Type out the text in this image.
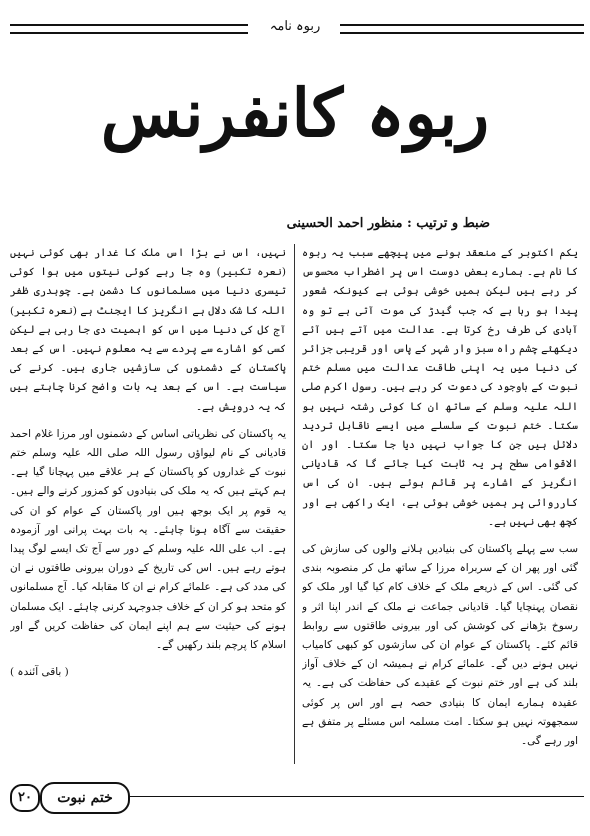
ربوہ نامہ
ربوہ کانفرنس
ضبط و ترتیب : منظور احمد الحسینی

یکم اکتوبر کے منعقد ہونے میں پیچھے سبب یہ ربوہ کا نام ہے۔ ہمارے بعض دوست اس پر اضطراب محسوس کر رہے ہیں لیکن ہمیں خوشی ہوئی ہے کیونکہ شعور پیدا ہو رہا ہے کہ جب گیدڑ کی موت آتی ہے تو وہ آبادی کی طرف رخ کرتا ہے۔ عدالت میں آتے ہیں آئے دیکھئے چشم راہ سبز وار شہر کے پاس اور قریبی جزائر کی دنیا میں یہ اپنی طاقت عدالت میں مسلم ختم نبوت کے باوجود کی دعوت کر رہے ہیں۔ رسول اکرم صلی اللہ علیہ وسلم کے ساتھ ان کا کوئی رشتہ نہیں ہو سکتا۔ ختم نبوت کے سلسلے میں ایسے ناقابل تردید دلائل ہیں جن کا جواب نہیں دیا جا سکتا۔ اور ان الاقوامی سطح پر یہ ثابت کیا جائے گا کہ قادیانی انگریز کے اشارے پر قائم ہوئے ہیں۔ ان کی اس کارروائی پر ہمیں خوشی ہوئی ہے، ایک راکھی ہے اور کچھ بھی نہیں ہے۔

سب سے پہلے پاکستان کی بنیادیں ہلانے والوں کی سازش کی گئی اور پھر ان کے سربراہ مرزا کے ساتھ مل کر منصوبہ بندی کی گئی۔ اس کے ذریعے ملک کے خلاف کام کیا گیا اور ملک کو نقصان پہنچایا گیا۔ قادیانی جماعت نے ملک کے اندر اپنا اثر و رسوخ بڑھانے کی کوشش کی اور بیرونی طاقتوں سے روابط قائم کئے۔ پاکستان کے عوام ان کی سازشوں کو کبھی کامیاب نہیں ہونے دیں گے۔ علمائے کرام نے ہمیشہ ان کے خلاف آواز بلند کی ہے اور ختم نبوت کے عقیدے کی حفاظت کی ہے۔ یہ عقیدہ ہمارے ایمان کا بنیادی حصہ ہے اور اس پر کوئی سمجھوتہ نہیں ہو سکتا۔ امت مسلمہ اس مسئلے پر متفق ہے اور رہے گی۔

نہیں، اس نے بڑا اس ملک کا غدار بھی کوئی نہیں (نعرہ تکبیر) وہ جا رہے کوئی نیتوں میں ہوا کوئی تیسری دنیا میں مسلمانوں کا دشمن ہے۔ چوہدری ظفر اللہ کا شک دلال ہے انگریز کا ایجنٹ ہے (نعرہ تکبیر) آج کل کی دنیا میں اس کو اہمیت دی جا رہی ہے لیکن کسی کو اشارے سے پردے سے یہ معلوم نہیں۔ اس کے بعد پاکستان کے دشمنوں کی سازشیں جاری ہیں۔ کرنے کی سیاست ہے۔ اس کے بعد یہ بات واضح کرنا چاہتے ہیں کہ یہ درویش ہے۔

یہ پاکستان کی نظریاتی اساس کے دشمنوں اور مرزا غلام احمد قادیانی کے نام لیواؤں رسول اللہ صلی اللہ علیہ وسلم ختم نبوت کے غداروں کو پاکستان کے ہر علاقے میں پہچانا گیا ہے۔ ہم کہتے ہیں کہ یہ ملک کی بنیادوں کو کمزور کرنے والے ہیں۔ یہ قوم پر ایک بوجھ ہیں اور پاکستان کے عوام کو ان کی حقیقت سے آگاہ ہونا چاہئے۔ یہ بات بہت پرانی اور آزمودہ ہے۔ اب علی اللہ علیہ وسلم کے دور سے آج تک ایسے لوگ پیدا ہوتے رہے ہیں۔ اس کی تاریخ کے دوران بیرونی طاقتوں نے ان کی مدد کی ہے۔ علمائے کرام نے ان کا مقابلہ کیا۔ آج مسلمانوں کو متحد ہو کر ان کے خلاف جدوجہد کرنی چاہئے۔ ایک مسلمان ہونے کی حیثیت سے ہم اپنے ایمان کی حفاظت کریں گے اور اسلام کا پرچم بلند رکھیں گے۔

( باقی آئندہ )
ختم نبوت
۲۰
